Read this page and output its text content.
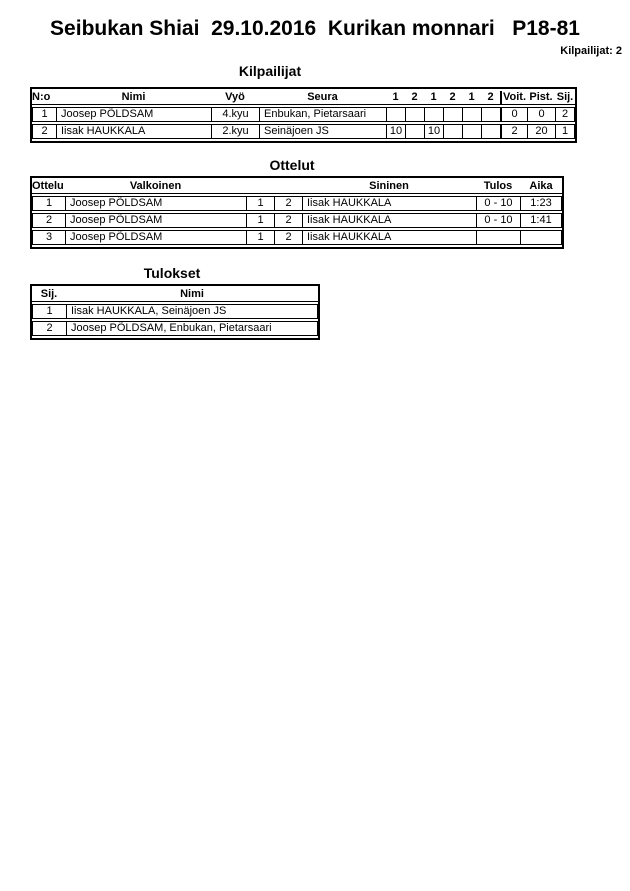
Seibukan Shiai  29.10.2016  Kurikan monnari   P18-81
Kilpailijat: 2
Kilpailijat
N:o	Nimi	Vyö	Seura	1	2	1	2	1	2	Voit.	Pist.	Sij.
1	Joosep PÕLDSAM	4.kyu	Enbukan, Pietarsaari							0	0	2
2	Iisak HAUKKALA	2.kyu	Seinäjoen JS	10		10				2	20	1
Ottelut
Ottelu	Valkoinen			Sininen	Tulos	Aika
1	Joosep PÕLDSAM	1	2	Iisak HAUKKALA	0 - 10	1:23
2	Joosep PÕLDSAM	1	2	Iisak HAUKKALA	0 - 10	1:41
3	Joosep PÕLDSAM	1	2	Iisak HAUKKALA		
Tulokset
Sij.	Nimi
1	Iisak HAUKKALA, Seinäjoen JS
2	Joosep PÕLDSAM, Enbukan, Pietarsaari
